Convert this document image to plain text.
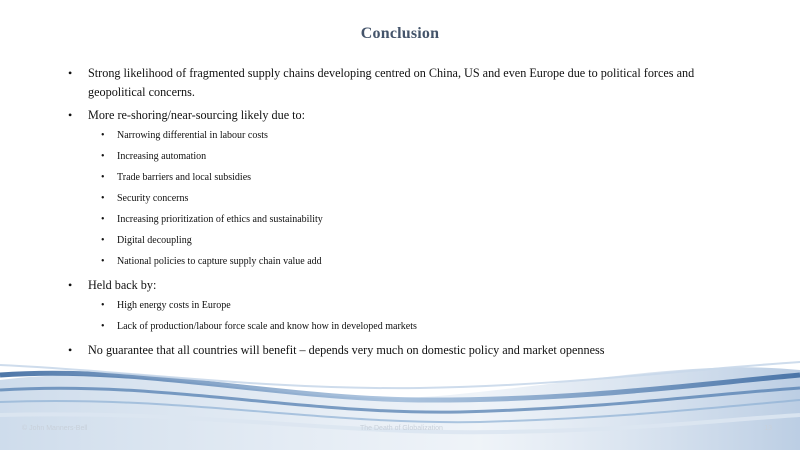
Conclusion
• Strong likelihood of fragmented supply chains developing centred on China, US and even Europe due to political forces and geopolitical concerns.
• More re-shoring/near-sourcing likely due to:
• Narrowing differential in labour costs
• Increasing automation
• Trade barriers and local subsidies
• Security concerns
• Increasing prioritization of ethics and sustainability
• Digital decoupling
• National policies to capture supply chain value add
• Held back by:
• High energy costs in Europe
• Lack of production/labour force scale and know how in developed markets
• No guarantee that all countries will benefit – depends very much on domestic policy and market openness
© John Manners-Bell	The Death of Globalization	13
